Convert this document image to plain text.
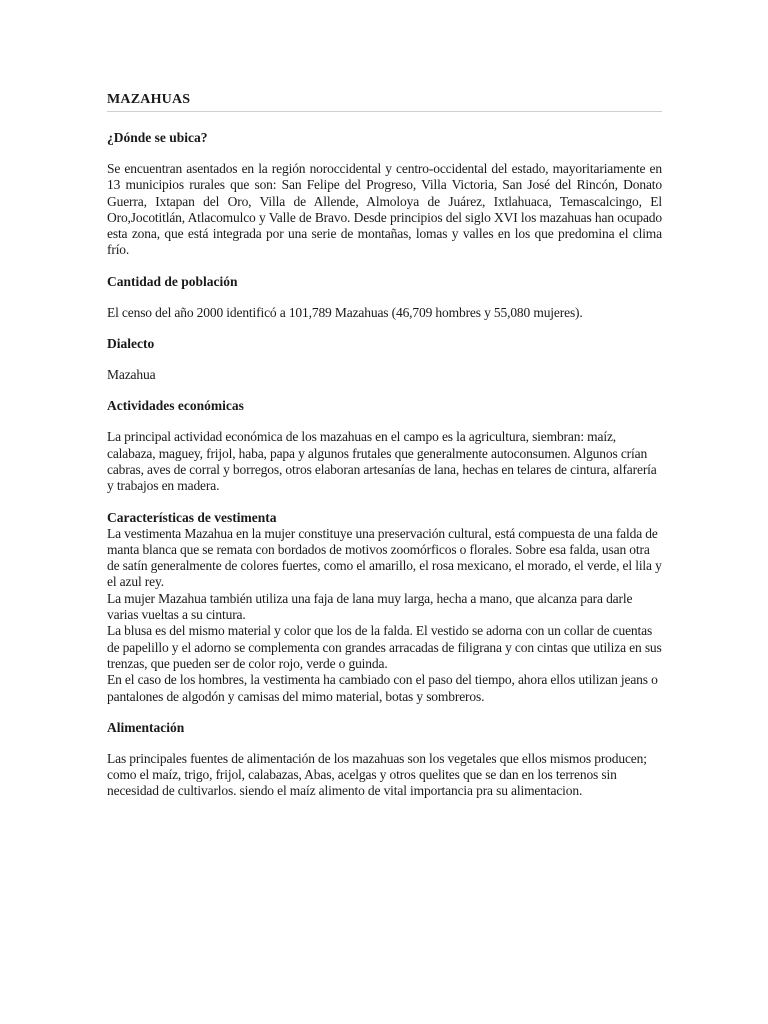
MAZAHUAS
¿Dónde se ubica?

Se encuentran asentados en la región noroccidental y centro-occidental del estado, mayoritariamente en 13 municipios rurales que son: San Felipe del Progreso, Villa Victoria, San José del Rincón, Donato Guerra, Ixtapan del Oro, Villa de Allende, Almoloya de Juárez, Ixtlahuaca, Temascalcingo, El Oro,Jocotitlán, Atlacomulco y Valle de Bravo. Desde principios del siglo XVI los mazahuas han ocupado esta zona, que está integrada por una serie de montañas, lomas y valles en los que predomina el clima frío.

Cantidad de población

El censo del año 2000 identificó a 101,789 Mazahuas (46,709 hombres y 55,080 mujeres).

Dialecto

Mazahua

Actividades económicas

La principal actividad económica de los mazahuas en el campo es la agricultura, siembran: maíz, calabaza, maguey, frijol, haba, papa y algunos frutales que generalmente autoconsumen. Algunos crían cabras, aves de corral y borregos, otros elaboran artesanías de lana, hechas en telares de cintura, alfarería y trabajos en madera.

Características de vestimenta

La vestimenta Mazahua en la mujer constituye una preservación cultural, está compuesta de una falda de manta blanca que se remata con bordados de motivos zoomórficos o florales. Sobre esa falda, usan otra de satín generalmente de colores fuertes, como el amarillo, el rosa mexicano, el morado, el verde, el lila y el azul rey.

La mujer Mazahua también utiliza una faja de lana muy larga, hecha a mano, que alcanza para darle varias vueltas a su cintura.

La blusa es del mismo material y color que los de la falda. El vestido se adorna con un collar de cuentas de papelillo y el adorno se complementa con grandes arracadas de filigrana y con cintas que utiliza en sus trenzas, que pueden ser de color rojo, verde o guinda.

En el caso de los hombres, la vestimenta ha cambiado con el paso del tiempo, ahora ellos utilizan jeans o pantalones de algodón y camisas del mimo material, botas y sombreros.

Alimentación

Las principales fuentes de alimentación de los mazahuas son los vegetales que ellos mismos producen; como el maíz, trigo, frijol, calabazas, Abas, acelgas y otros quelites que se dan en los terrenos sin necesidad de cultivarlos. siendo el maíz alimento de vital importancia pra su alimentacion.
